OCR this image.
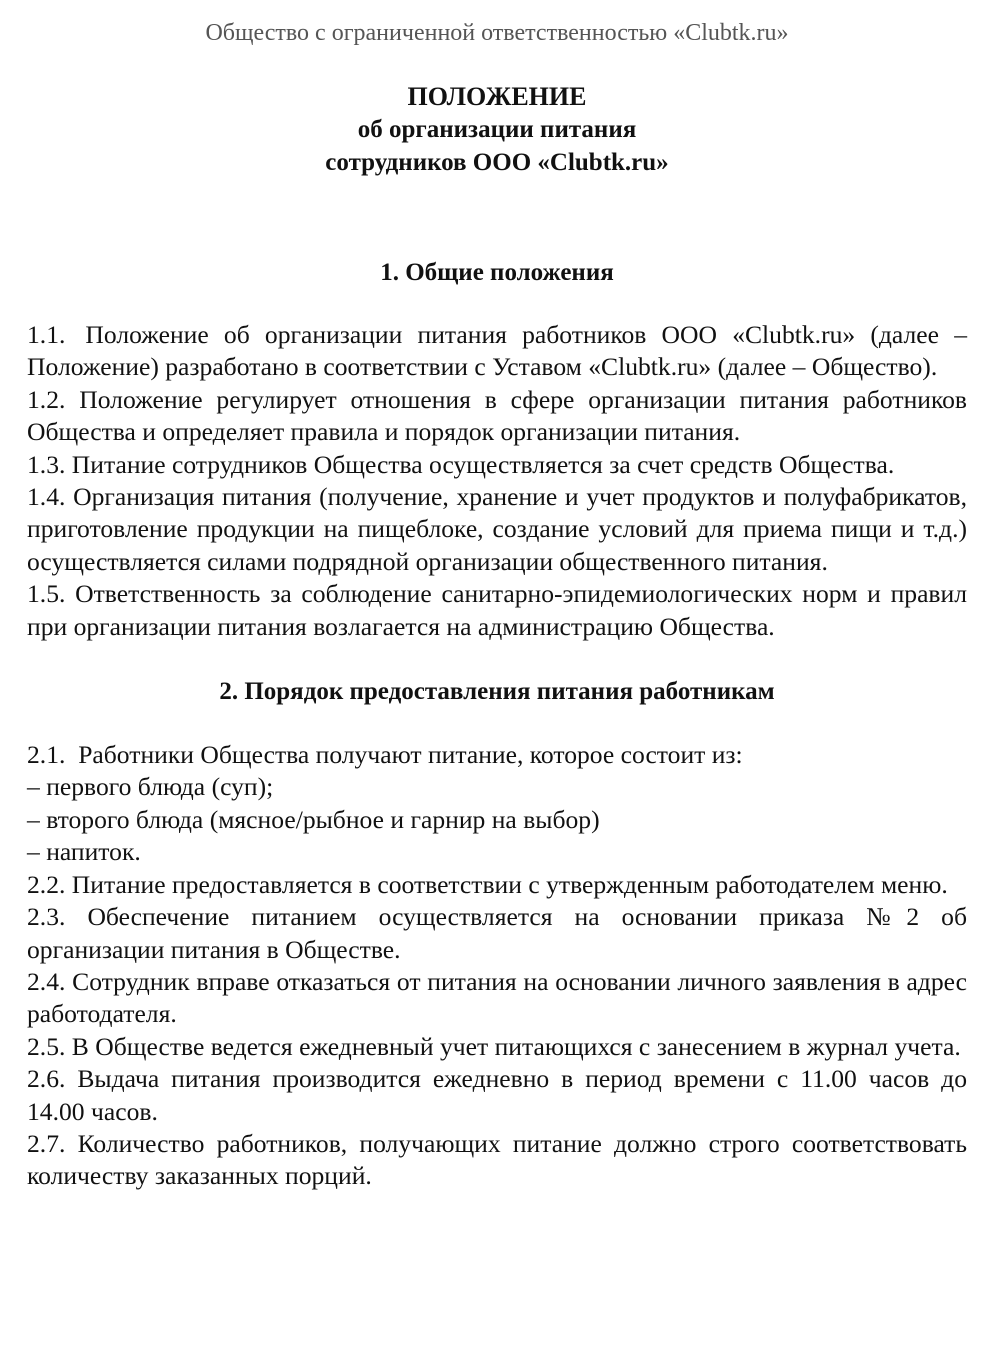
Общество с ограниченной ответственностью «Clubtk.ru»
ПОЛОЖЕНИЕ
об организации питания
сотрудников ООО «Clubtk.ru»
1. Общие положения
1.1. Положение об организации питания работников ООО «Clubtk.ru» (далее – Положение) разработано в соответствии с Уставом «Clubtk.ru» (далее – Общество).
1.2. Положение регулирует отношения в сфере организации питания работников Общества и определяет правила и порядок организации питания.
1.3. Питание сотрудников Общества осуществляется за счет средств Общества.
1.4. Организация питания (получение, хранение и учет продуктов и полуфабрикатов, приготовление продукции на пищеблоке, создание условий для приема пищи и т.д.) осуществляется силами подрядной организации общественного питания.
1.5. Ответственность за соблюдение санитарно-эпидемиологических норм и правил при организации питания возлагается на администрацию Общества.
2. Порядок предоставления питания работникам
2.1. Работники Общества получают питание, которое состоит из:
– первого блюда (суп);
– второго блюда (мясное/рыбное и гарнир на выбор)
– напиток.
2.2. Питание предоставляется в соответствии с утвержденным работодателем меню.
2.3. Обеспечение питанием осуществляется на основании приказа №2 об организации питания в Обществе.
2.4. Сотрудник вправе отказаться от питания на основании личного заявления в адрес работодателя.
2.5. В Обществе ведется ежедневный учет питающихся с занесением в журнал учета.
2.6. Выдача питания производится ежедневно в период времени с 11.00 часов до 14.00 часов.
2.7. Количество работников, получающих питание должно строго соответствовать количеству заказанных порций.
